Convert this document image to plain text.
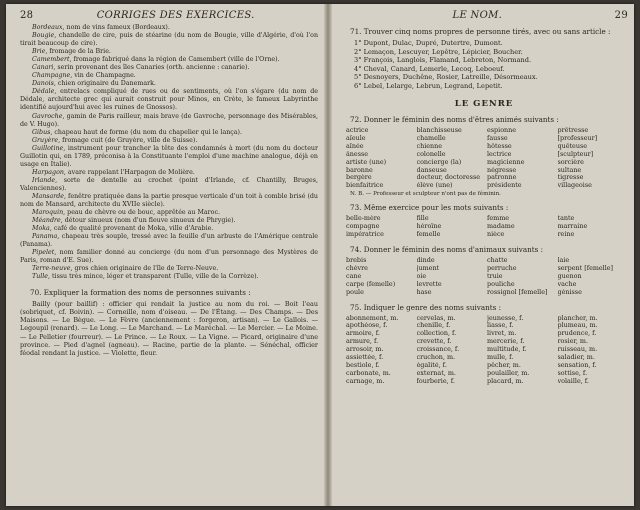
28	CORRIGÉS DES EXERCICES.

Bordeaux, nom de vins fameux (Bordeaux).

Bougie, chandelle de cire, puis de stéarine (du nom de Bougie, ville d'Algérie, d'où l'on tirait beaucoup de cire).

Brie, fromage de la Brie.

Camembert, fromage fabriqué dans la région de Camembert (ville de l'Orne).

Canari, serin provenant des îles Canaries (orth. ancienne : canarie).

Champagne, vin de Champagne.

Danois, chien originaire du Danemark.

Dédale, entrelacs compliqué de rues ou de sentiments, où l'on s'égare (du nom de Dédale, architecte grec qui aurait construit pour Minos, en Crète, le fameux Labyrinthe identifié aujourd'hui avec les ruines de Gnossos).

Gavroche, gamin de Paris railleur, mais brave (de Gavroche, personnage des Misérables, de V. Hugo).

Gibus, chapeau haut de forme (du nom du chapelier qui le lança).

Gruyère, fromage cuit (de Gruyère, ville de Suisse).

Guillotine, instrument pour trancher la tête des condamnés à mort (du nom du docteur Guillotin qui, en 1789, préconisa à la Constituante l'emploi d'une machine analogue, déjà en usage en Italie).

Harpagon, avare rappelant l'Harpagon de Molière.

Irlande, sorte de dentelle au crochet (point d'Irlande, cf. Chantilly, Bruges, Valenciennes).

Mansarde, fenêtre pratiquée dans la partie presque verticale d'un toit à comble brisé (du nom de Mansard, architecte du XVIIe siècle).

Maroquin, peau de chèvre ou de bouc, apprêtée au Maroc.

Méandre, détour sinueux (nom d'un fleuve sinueux de Phrygie).

Moka, café de qualité provenant de Moka, ville d'Arabie.

Panama, chapeau très souple, tressé avec la feuille d'un arbuste de l'Amérique centrale (Panama).

Pipelet, nom familier donné au concierge (du nom d'un personnage des Mystères de Paris, roman d'E. Sue).

Terre-neuve, gros chien originaire de l'île de Terre-Neuve.

Tulle, tissu très mince, léger et transparent (Tulle, ville de la Corrèze).

70. Expliquer la formation des noms de personnes suivants :

Bailly (pour baillif) : officier qui rendait la justice au nom du roi. — Boit l'eau (sobriquet, cf. Boivin). — Corneille, nom d'oiseau. — De l'Étang. — Des Champs. — Des Maisons. — Le Bègue. — Le Fèvre (anciennement : forgeron, artisan). — Le Gallois. — Legoupil (renard). — Le Long. — Le Marchand. — Le Maréchal. — Le Mercier. — Le Moine. — Le Pelletier (fourreur). — Le Prince. — Le Roux. — La Vigne. — Picard, originaire d'une province. — Pied d'agnel (agneau). — Racine, partie de la plante. — Sénéchal, officier féodal rendant la justice. — Violette, fleur.

LE NOM.	29
71. Trouver cinq noms propres de personne tirés, avec ou sans article :
1° Dupont, Dulac, Dupré, Dutertre, Dumont.
2° Lemaçon, Lescuyer, Lepêtre, Lépicier, Boucher.
3° François, Langlois, Flamand, Lebreton, Normand.
4° Cheval, Canard, Lemerle, Lecoq, Leboeuf.
5° Desnoyers, Duchêne, Rosier, Latreille, Désormeaux.
6° Lebel, Lelarge, Lebrun, Legrand, Lepetit.
LE GENRE
72. Donner le féminin des noms d'êtres animés suivants :
actrice	blanchisseuse	espionne	prêtresse
aïeule	chamelle	fausse	[professeur]
aînée	chienne	hôtesse	quêteuse
ânesse	colonelle	lectrice	[sculpteur]
artiste (une)	concierge (la)	magicienne	sorcière
baronne	danseuse	négresse	sultane
bergère	docteur, doctoresse	patronne	tigresse
bienfaitrice	élève (une)	présidente	villageoise
N. B. — Professeur et sculpteur n'ont pas de féminin.
73. Même exercice pour les mots suivants :
belle-mère	fille	femme	tante
compagne	héroïne	madame	marraine
impératrice	femelle	nièce	reine
74. Donner le féminin des noms d'animaux suivants :
brebis	dinde	chatte	laie
chèvre	jument	perruche	serpent [femelle]
cane	oie	truie	guenon
carpe (femelle)	levrette	pouliche	vache
poule	hase	rossignol [femelle]	génisse
75. Indiquer le genre des noms suivants :
abonnement, m.	cervelas, m.	jeunesse, f.	plancher, m.
apothéose, f.	chenille, f.	liasse, f.	plumeau, m.
armoire, f.	collection, f.	livret, m.	prudence, f.
armure, f.	crevette, f.	mercerie, f.	rosier, m.
arrosoir, m.	croissance, f.	multitude, f.	ruisseau, m.
assiettée, f.	cruchon, m.	mulle, f.	saladier, m.
bestiole, f.	égalité, f.	pêcher, m.	sensation, f.
carbonate, m.	externat, m.	poulailler, m.	sottise, f.
carnage, m.	fourberie, f.	placard, m.	volaille, f.
